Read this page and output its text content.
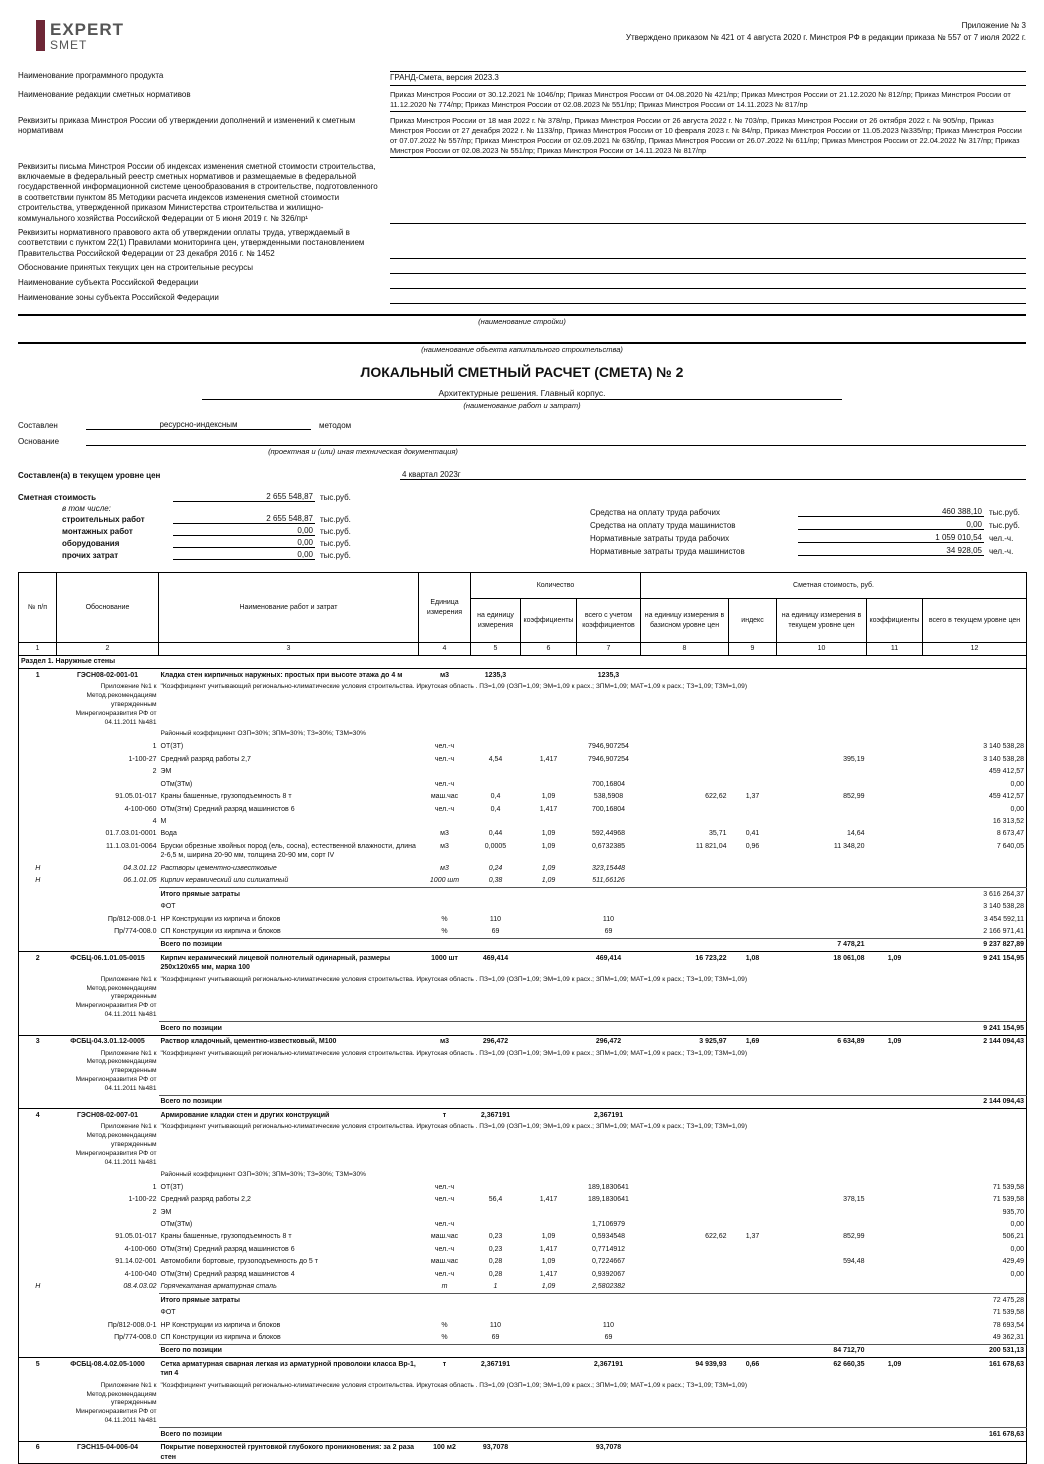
EXPERT
SMET
Приложение № 3
Утверждено приказом № 421 от 4 августа 2020 г. Минстроя РФ в редакции приказа № 557 от 7 июля 2022 г.
Наименование программного продукта	ГРАНД-Смета, версия 2023.3
Наименование редакции сметных нормативов	Приказ Минстроя России от 30.12.2021 № 1046/пр; Приказ Минстроя России от 04.08.2020 № 421/пр; Приказ Минстроя России от 21.12.2020 № 812/пр; Приказ Минстроя России от 11.12.2020 № 774/пр; Приказ Минстроя России от 02.08.2023 № 551/пр; Приказ Минстроя России от 14.11.2023 № 817/пр
Реквизиты приказа Минстроя России об утверждении дополнений и изменений к сметным нормативам
Приказ Минстроя России от 18 мая 2022 г. № 378/пр, Приказ Минстроя России от 26 августа 2022 г. № 703/пр, Приказ Минстроя России от 26 октября 2022 г. № 905/пр, Приказ Минстроя России от 27 декабря 2022 г. № 1133/пр, Приказ Минстроя России от 10 февраля 2023 г. № 84/пр, Приказ Минстроя России от 11.05.2023 №335/пр; Приказ Минстроя России от 07.07.2022 № 557/пр; Приказ Минстроя России от 02.09.2021 № 636/пр, Приказ Минстроя России от 26.07.2022 № 611/пр; Приказ Минстроя России от 22.04.2022 № 317/пр; Приказ Минстроя России от 02.08.2023 № 551/пр; Приказ Минстроя России от 14.11.2023 № 817/пр
Реквизиты письма Минстроя России об индексах изменения сметной стоимости строительства, включаемые в федеральный реестр сметных нормативов и размещаемые в федеральной государственной информационной системе ценообразования в строительстве, подготовленного в соответствии пунктом 85 Методики расчета индексов изменения сметной стоимости строительства, утвержденной приказом Министерства строительства и жилищно-коммунального хозяйства Российской Федерации от 5 июня 2019 г. № 326/пр¹
Реквизиты нормативного правового акта об утверждении оплаты труда, утверждаемый в соответствии с пунктом 22(1) Правилами мониторинга цен, утвержденными постановлением Правительства Российской Федерации от 23 декабря 2016 г. № 1452
Обоснование принятых текущих цен на строительные ресурсы
Наименование субъекта Российской Федерации
Наименование зоны субъекта Российской Федерации
(наименование стройки)
(наименование объекта капитального строительства)
ЛОКАЛЬНЫЙ СМЕТНЫЙ РАСЧЕТ (СМЕТА) № 2
Архитектурные решения. Главный корпус.
(наименование работ и затрат)
Составлен	ресурсно-индексным	методом
Основание
(проектная и (или) иная техническая документация)
Составлен(а) в текущем уровне цен	4 квартал 2023г
Сметная стоимость	2 655 548,87 тыс.руб.
в том числе:
строительных работ	2 655 548,87 тыс.руб.
монтажных работ	0,00 тыс.руб.
оборудования	0,00 тыс.руб.
прочих затрат	0,00 тыс.руб.
Средства на оплату труда рабочих	460 388,10 тыс.руб.
Средства на оплату труда машинистов	0,00 тыс.руб.
Нормативные затраты труда рабочих	1 059 010,54 чел.-ч.
Нормативные затраты труда машинистов	34 928,05 чел.-ч.
№ п/п	Обоснование	Наименование работ и затрат	Единица измерения	Количество			Сметная стоимость, руб.				
				на единицу измерения	коэффициенты	всего с учетом коэффициентов	на единицу измерения в базисном уровне цен	индекс	на единицу измерения в текущем уровне цен	коэффициенты	всего в текущем уровне цен
1	2	3	4	5	6	7	8	9	10	11	12
Раздел 1. Наружные стены											
1	ГЭСН08-02-001-01	Кладка стен кирпичных наружных: простых при высоте этажа до 4 м	м3	1235,3		1235,3					

	Приложение №1 к
Метод.рекомендациям
утвержденным
Минрегионразвития РФ от
04.11.2011 №481	"Коэффициент учитывающий регионально-климатические условия строительства. Иркутская область . ПЗ=1,09 (ОЗП=1,09; ЭМ=1,09 к расх.; ЗПМ=1,09; МАТ=1,09 к расх.; ТЗ=1,09; ТЗМ=1,09)									
		Районный коэффициент ОЗП=30%; ЗПМ=30%; ТЗ=30%; ТЗМ=30%									
	1	ОТ(ЗТ)	чел.-ч			7946,907254					3 140 538,28
	1-100-27	Средний разряд работы 2,7	чел.-ч	4,54	1,417	7946,907254			395,19		3 140 538,28
	2	ЭМ									459 412,57
		ОТм(ЗТм)	чел.-ч			700,16804					0,00
	91.05.01-017	Краны башенные, грузоподъемность 8 т	маш.час	0,4	1,09	538,5908	622,62	1,37	852,99		459 412,57
	4-100-060	ОТм(Зтм) Средний разряд машинистов 6	чел.-ч	0,4	1,417	700,16804					0,00
	4	М									16 313,52
	01.7.03.01-0001	Вода	м3	0,44	1,09	592,44968	35,71	0,41	14,64		8 673,47
	11.1.03.01-0064	Бруски обрезные хвойных пород (ель, сосна), естественной влажности, длина 2-6,5 м, ширина 20-90 мм, толщина 20-90 мм, сорт IV	м3	0,0005	1,09	0,6732385	11 821,04	0,96	11 348,20		7 640,05
Н	04.3.01.12	Растворы цементно-известковые	м3	0,24	1,09	323,15448					
Н	06.1.01.05	Кирпич керамический или силикатный	1000 шт	0,38	1,09	511,66126					
		Итого прямые затраты									3 616 264,37
		ФОТ									3 140 538,28
	Пр/812-008.0-1	НР Конструкции из кирпича и блоков	%	110		110					3 454 592,11
	Пр/774-008.0	СП Конструкции из кирпича и блоков	%	69		69					2 166 971,41
		Всего по позиции							7 478,21		9 237 827,89
2	ФСБЦ-06.1.01.05-0015	Кирпич керамический лицевой полнотелый одинарный, размеры 250x120x65 мм, марка 100	1000 шт	469,414		469,414	16 723,22	1,08	18 061,08	1,09	9 241 154,95

	Приложение №1 к
Метод.рекомендациям
утвержденным
Минрегионразвития РФ от
04.11.2011 №481	"Коэффициент учитывающий регионально-климатические условия строительства. Иркутская область . ПЗ=1,09 (ОЗП=1,09; ЭМ=1,09 к расх.; ЗПМ=1,09; МАТ=1,09 к расх.; ТЗ=1,09; ТЗМ=1,09)									
		Всего по позиции									9 241 154,95
3	ФСБЦ-04.3.01.12-0005	Раствор кладочный, цементно-известковый, М100	м3	296,472		296,472	3 925,97	1,69	6 634,89	1,09	2 144 094,43

	Приложение №1 к
Метод.рекомендациям
утвержденным
Минрегионразвития РФ от
04.11.2011 №481	"Коэффициент учитывающий регионально-климатические условия строительства. Иркутская область . ПЗ=1,09 (ОЗП=1,09; ЭМ=1,09 к расх.; ЗПМ=1,09; МАТ=1,09 к расх.; ТЗ=1,09; ТЗМ=1,09)									
		Всего по позиции									2 144 094,43
4	ГЭСН08-02-007-01	Армирование кладки стен и других конструкций	т	2,367191		2,367191					

	Приложение №1 к
Метод.рекомендациям
утвержденным
Минрегионразвития РФ от
04.11.2011 №481	"Коэффициент учитывающий регионально-климатические условия строительства. Иркутская область . ПЗ=1,09 (ОЗП=1,09; ЭМ=1,09 к расх.; ЗПМ=1,09; МАТ=1,09 к расх.; ТЗ=1,09; ТЗМ=1,09)									
		Районный коэффициент ОЗП=30%; ЗПМ=30%; ТЗ=30%; ТЗМ=30%									
	1	ОТ(ЗТ)	чел.-ч			189,1830641					71 539,58
	1-100-22	Средний разряд работы 2,2	чел.-ч	56,4	1,417	189,1830641			378,15		71 539,58
	2	ЭМ									935,70
		ОТм(ЗТм)	чел.-ч			1,7106979					0,00
	91.05.01-017	Краны башенные, грузоподъемность 8 т	маш.час	0,23	1,09	0,5934548	622,62	1,37	852,99		506,21
	4-100-060	ОТм(Зтм) Средний разряд машинистов 6	чел.-ч	0,23	1,417	0,7714912					0,00
	91.14.02-001	Автомобили бортовые, грузоподъемность до 5 т	маш.час	0,28	1,09	0,7224667			594,48		429,49
	4-100-040	ОТм(Зтм) Средний разряд машинистов 4	чел.-ч	0,28	1,417	0,9392067					0,00
Н	08.4.03.02	Горячекатаная арматурная сталь	т	1	1,09	2,5802382					
		Итого прямые затраты									72 475,28
		ФОТ									71 539,58
	Пр/812-008.0-1	НР Конструкции из кирпича и блоков	%	110		110					78 693,54
	Пр/774-008.0	СП Конструкции из кирпича и блоков	%	69		69					49 362,31
		Всего по позиции							84 712,70		200 531,13
5	ФСБЦ-08.4.02.05-1000	Сетка арматурная сварная легкая из арматурной проволоки класса Вр-1, тип 4	т	2,367191		2,367191	94 939,93	0,66	62 660,35	1,09	161 678,63

	Приложение №1 к
Метод.рекомендациям
утвержденным
Минрегионразвития РФ от
04.11.2011 №481	"Коэффициент учитывающий регионально-климатические условия строительства. Иркутская область . ПЗ=1,09 (ОЗП=1,09; ЭМ=1,09 к расх.; ЗПМ=1,09; МАТ=1,09 к расх.; ТЗ=1,09; ТЗМ=1,09)									
		Всего по позиции									161 678,63
6	ГЭСН15-04-006-04	Покрытие поверхностей грунтовкой глубокого проникновения: за 2 раза стен	100 м2	93,7078		93,7078					
